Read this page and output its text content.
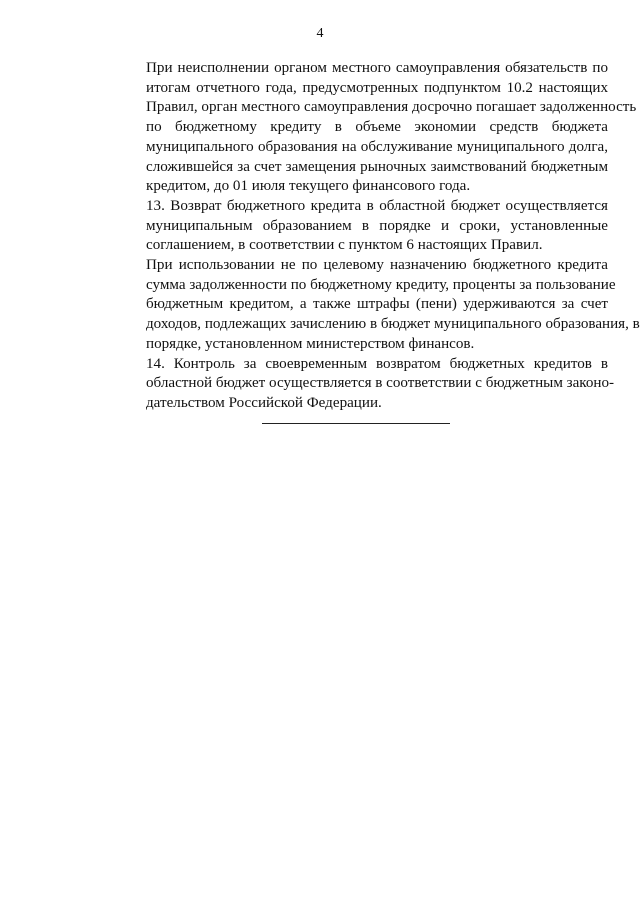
4

При неисполнении органом местного самоуправления обязательств по
итогам отчетного года, предусмотренных подпунктом 10.2 настоящих
Правил, орган местного самоуправления досрочно погашает задолженность
по бюджетному кредиту в объеме экономии средств бюджета
муниципального образования на обслуживание муниципального долга,
сложившейся за счет замещения рыночных заимствований бюджетным
кредитом, до 01 июля текущего финансового года.

13. Возврат бюджетного кредита в областной бюджет осуществляется
муниципальным образованием в порядке и сроки, установленные
соглашением, в соответствии с пунктом 6 настоящих Правил.

При использовании не по целевому назначению бюджетного кредита
сумма задолженности по бюджетному кредиту, проценты за пользование
бюджетным кредитом, а также штрафы (пени) удерживаются за счет
доходов, подлежащих зачислению в бюджет муниципального образования, в
порядке, установленном министерством финансов.

14. Контроль за своевременным возвратом бюджетных кредитов в
областной бюджет осуществляется в соответствии с бюджетным законо-
дательством Российской Федерации.
